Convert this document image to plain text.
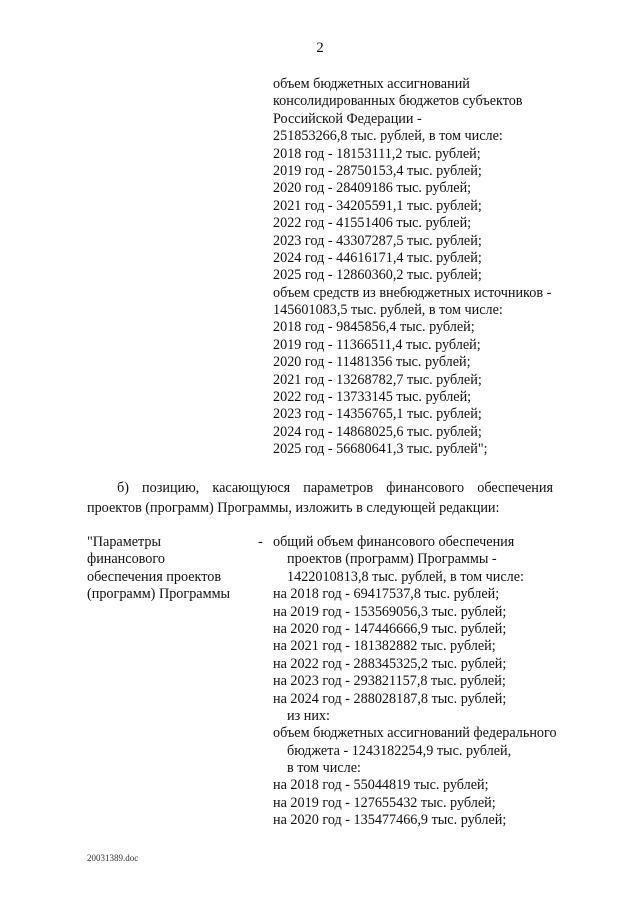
2
объем бюджетных ассигнований
консолидированных бюджетов субъектов
Российской Федерации -
251853266,8 тыс. рублей, в том числе:
2018 год - 18153111,2 тыс. рублей;
2019 год - 28750153,4 тыс. рублей;
2020 год - 28409186 тыс. рублей;
2021 год - 34205591,1 тыс. рублей;
2022 год - 41551406 тыс. рублей;
2023 год - 43307287,5 тыс. рублей;
2024 год - 44616171,4 тыс. рублей;
2025 год - 12860360,2 тыс. рублей;
объем средств из внебюджетных источников -
145601083,5 тыс. рублей, в том числе:
2018 год - 9845856,4 тыс. рублей;
2019 год - 11366511,4 тыс. рублей;
2020 год - 11481356 тыс. рублей;
2021 год - 13268782,7 тыс. рублей;
2022 год - 13733145 тыс. рублей;
2023 год - 14356765,1 тыс. рублей;
2024 год - 14868025,6 тыс. рублей;
2025 год - 56680641,3 тыс. рублей";
б) позицию, касающуюся параметров финансового обеспечения
проектов (программ) Программы, изложить в следующей редакции:
"Параметры
финансового
обеспечения проектов
(программ) Программы
- общий объем финансового обеспечения
проектов (программ) Программы -
1422010813,8 тыс. рублей, в том числе:
на 2018 год - 69417537,8 тыс. рублей;
на 2019 год - 153569056,3 тыс. рублей;
на 2020 год - 147446666,9 тыс. рублей;
на 2021 год - 181382882 тыс. рублей;
на 2022 год - 288345325,2 тыс. рублей;
на 2023 год - 293821157,8 тыс. рублей;
на 2024 год - 288028187,8 тыс. рублей;
из них:
объем бюджетных ассигнований федерального
бюджета - 1243182254,9 тыс. рублей,
в том числе:
на 2018 год - 55044819 тыс. рублей;
на 2019 год - 127655432 тыс. рублей;
на 2020 год - 135477466,9 тыс. рублей;
20031389.doc
